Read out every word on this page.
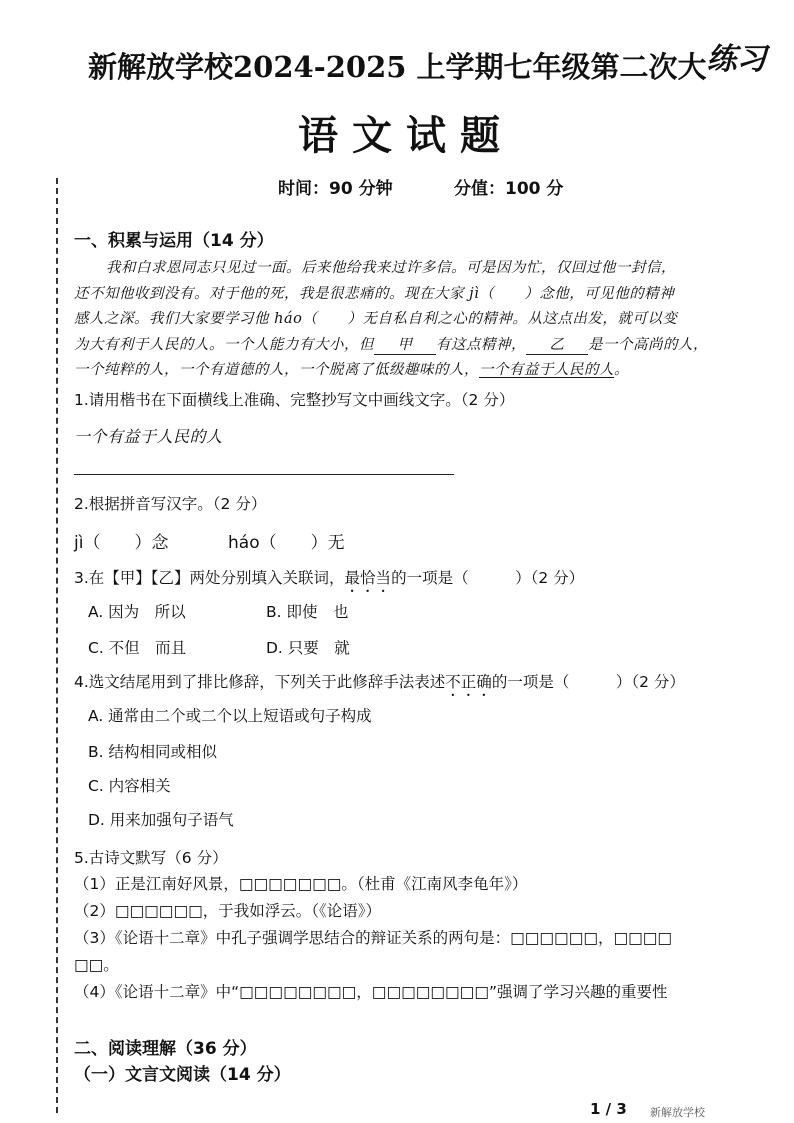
新解放学校2024-2025 上学期七年级第二次大练习
语文试题
时间：90 分钟	分值：100 分
一、积累与运用（14 分）
我和白求恩同志只见过一面。后来他给我来过许多信。可是因为忙，仅回过他一封信，
还不知他收到没有。对于他的死，我是很悲痛的。现在大家 jì（　　）念他，可见他的精神
感人之深。我们大家要学习他 háo（　　）无自私自利之心的精神。从这点出发，就可以变
为大有利于人民的人。一个人能力有大小，但 甲 有这点精神， 乙 是一个高尚的人，
一个纯粹的人，一个有道德的人，一个脱离了低级趣味的人，一个有益于人民的人。
1.请用楷书在下面横线上准确、完整抄写文中画线文字。（2 分）
一个有益于人民的人
2.根据拼音写汉字。（2 分）
jì（　　）念	háo（　　）无
3.在【甲】【乙】两处分别填入关联词，最恰当的一项是（　　　）（2 分）
A. 因为　所以	B. 即使　也
C. 不但　而且	D. 只要　就
4.选文结尾用到了排比修辞，下列关于此修辞手法表述不正确的一项是（　　　）（2 分）
A. 通常由二个或二个以上短语或句子构成
B. 结构相同或相似
C. 内容相关
D. 用来加强句子语气
5.古诗文默写（6 分）
（1）正是江南好风景，□□□□□□□。（杜甫《江南风李龟年》）
（2）□□□□□□，于我如浮云。（《论语》）
（3）《论语十二章》中孔子强调学思结合的辩证关系的两句是：□□□□□□，□□□□
□□。
（4）《论语十二章》中“□□□□□□□□，□□□□□□□□”强调了学习兴趣的重要性
二、阅读理解（36 分）
（一）文言文阅读（14 分）
1 / 3 新解放学校
